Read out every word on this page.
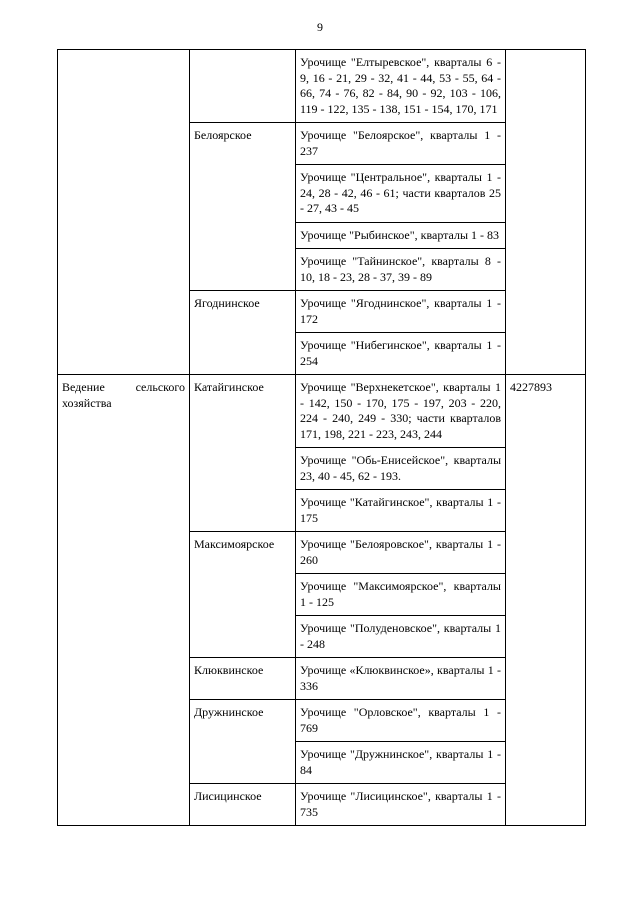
9
		Урочище "Елтыревское", кварталы 6 - 9, 16 - 21, 29 - 32, 41 - 44, 53 - 55, 64 - 66, 74 - 76, 82 - 84, 90 - 92, 103 - 106, 119 - 122, 135 - 138, 151 - 154, 170, 171	
	Белоярское	Урочище "Белоярское", кварталы 1 - 237	
		Урочище "Центральное", кварталы 1 - 24, 28 - 42, 46 - 61; части кварталов 25 - 27, 43 - 45	
		Урочище "Рыбинское", кварталы 1 - 83	
		Урочище "Тайнинское", кварталы 8 - 10, 18 - 23, 28 - 37, 39 - 89	
	Ягоднинское	Урочище "Ягоднинское", кварталы 1 - 172	
		Урочище "Нибегинское", кварталы 1 - 254	
Ведение сельского хозяйства	Катайгинское	Урочище "Верхнекетское", кварталы 1 - 142, 150 - 170, 175 - 197, 203 - 220, 224 - 240, 249 - 330; части кварталов 171, 198, 221 - 223, 243, 244	4227893
		Урочище "Обь-Енисейское", кварталы 23, 40 - 45, 62 - 193.	
		Урочище "Катайгинское", кварталы 1 - 175	
	Максимоярское	Урочище "Белояровское", кварталы 1 - 260	
		Урочище "Максимоярское", кварталы 1 - 125	
		Урочище "Полуденовское", кварталы 1 - 248	
	Клюквинское	Урочище «Клюквинское», кварталы 1 - 336	
	Дружнинское	Урочище "Орловское", кварталы 1 - 769	
		Урочище "Дружнинское", кварталы 1 - 84	
	Лисицинское	Урочище "Лисицинское", кварталы 1 - 735	
